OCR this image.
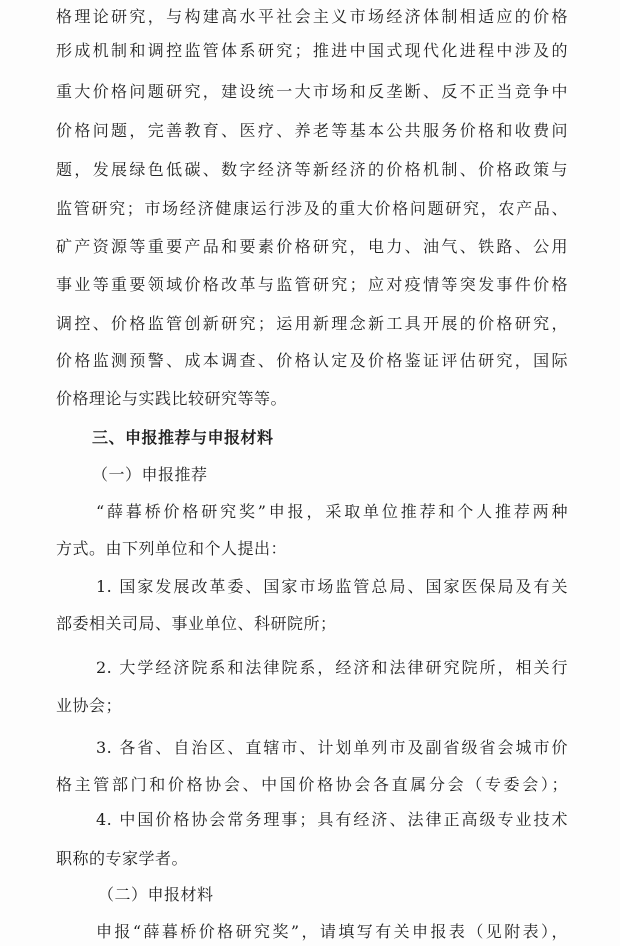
格理论研究，与构建高水平社会主义市场经济体制相适应的价格
形成机制和调控监管体系研究；推进中国式现代化进程中涉及的
重大价格问题研究，建设统一大市场和反垄断、反不正当竞争中
价格问题，完善教育、医疗、养老等基本公共服务价格和收费问
题，发展绿色低碳、数字经济等新经济的价格机制、价格政策与
监管研究；市场经济健康运行涉及的重大价格问题研究，农产品、
矿产资源等重要产品和要素价格研究，电力、油气、铁路、公用
事业等重要领域价格改革与监管研究；应对疫情等突发事件价格
调控、价格监管创新研究；运用新理念新工具开展的价格研究，
价格监测预警、成本调查、价格认定及价格鉴证评估研究，国际
价格理论与实践比较研究等等。
三、申报推荐与申报材料
（一）申报推荐
“薛暮桥价格研究奖”申报，采取单位推荐和个人推荐两种
方式。由下列单位和个人提出：
1. 国家发展改革委、国家市场监管总局、国家医保局及有关
部委相关司局、事业单位、科研院所；
2. 大学经济院系和法律院系，经济和法律研究院所，相关行
业协会；
3. 各省、自治区、直辖市、计划单列市及副省级省会城市价
格主管部门和价格协会、中国价格协会各直属分会（专委会）；
4. 中国价格协会常务理事；具有经济、法律正高级专业技术
职称的专家学者。
（二）申报材料
申报“薛暮桥价格研究奖”，请填写有关申报表（见附表），
